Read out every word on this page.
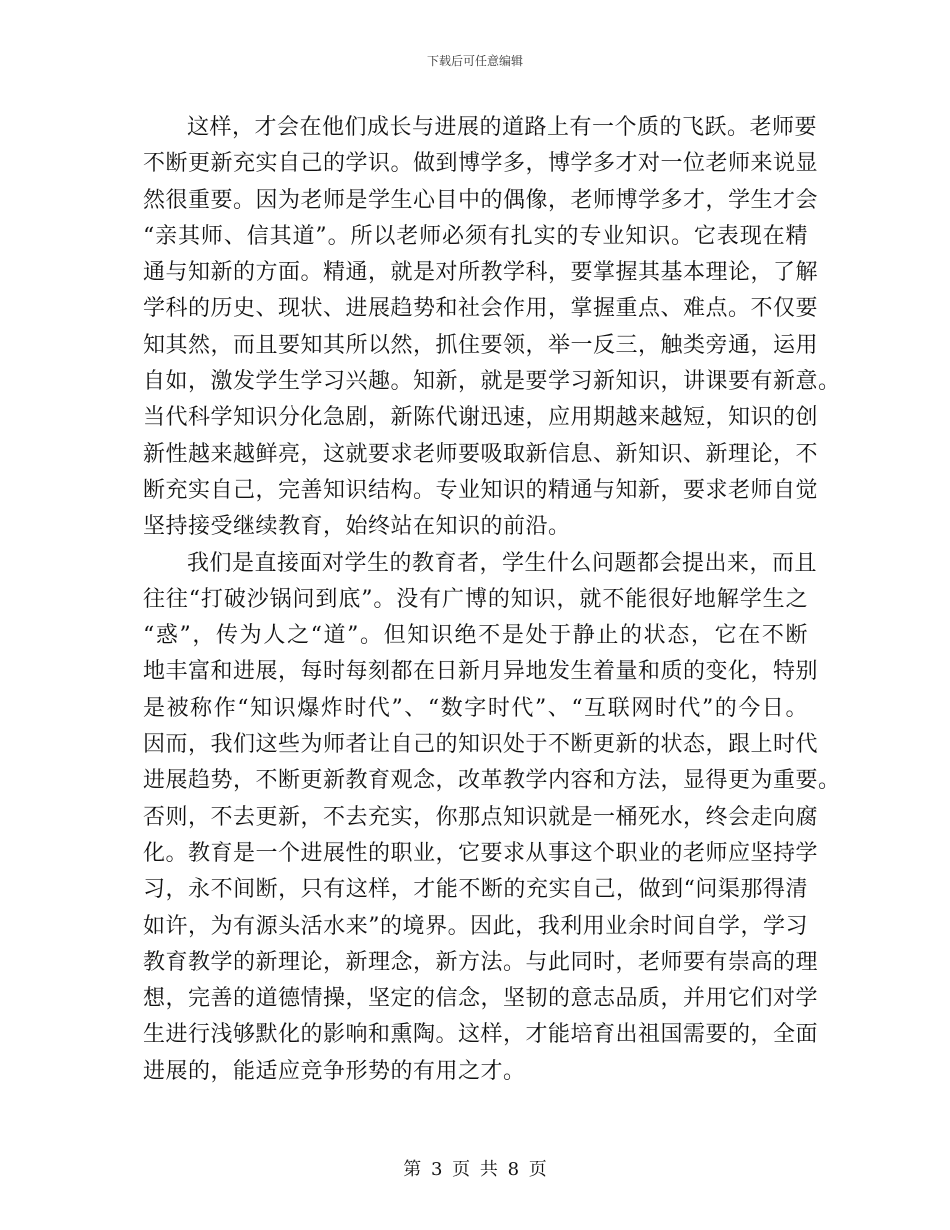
下载后可任意编辑
这样，才会在他们成长与进展的道路上有一个质的飞跃。老师要
不断更新充实自己的学识。做到博学多，博学多才对一位老师来说显
然很重要。因为老师是学生心目中的偶像，老师博学多才，学生才会
“亲其师、信其道”。所以老师必须有扎实的专业知识。它表现在精
通与知新的方面。精通，就是对所教学科，要掌握其基本理论，了解
学科的历史、现状、进展趋势和社会作用，掌握重点、难点。不仅要
知其然，而且要知其所以然，抓住要领，举一反三，触类旁通，运用
自如，激发学生学习兴趣。知新，就是要学习新知识，讲课要有新意。
当代科学知识分化急剧，新陈代谢迅速，应用期越来越短，知识的创
新性越来越鲜亮，这就要求老师要吸取新信息、新知识、新理论，不
断充实自己，完善知识结构。专业知识的精通与知新，要求老师自觉
坚持接受继续教育，始终站在知识的前沿。
我们是直接面对学生的教育者，学生什么问题都会提出来，而且
往往“打破沙锅问到底”。没有广博的知识，就不能很好地解学生之
“惑”，传为人之“道”。但知识绝不是处于静止的状态，它在不断
地丰富和进展，每时每刻都在日新月异地发生着量和质的变化，特别
是被称作“知识爆炸时代”、“数字时代”、“互联网时代”的今日。
因而，我们这些为师者让自己的知识处于不断更新的状态，跟上时代
进展趋势，不断更新教育观念，改革教学内容和方法，显得更为重要。
否则，不去更新，不去充实，你那点知识就是一桶死水，终会走向腐
化。教育是一个进展性的职业，它要求从事这个职业的老师应坚持学
习，永不间断，只有这样，才能不断的充实自己，做到“问渠那得清
如许，为有源头活水来”的境界。因此，我利用业余时间自学，学习
教育教学的新理论，新理念，新方法。与此同时，老师要有崇高的理
想，完善的道德情操，坚定的信念，坚韧的意志品质，并用它们对学
生进行浅够默化的影响和熏陶。这样，才能培育出祖国需要的，全面
进展的，能适应竞争形势的有用之才。
第 3 页 共 8 页
